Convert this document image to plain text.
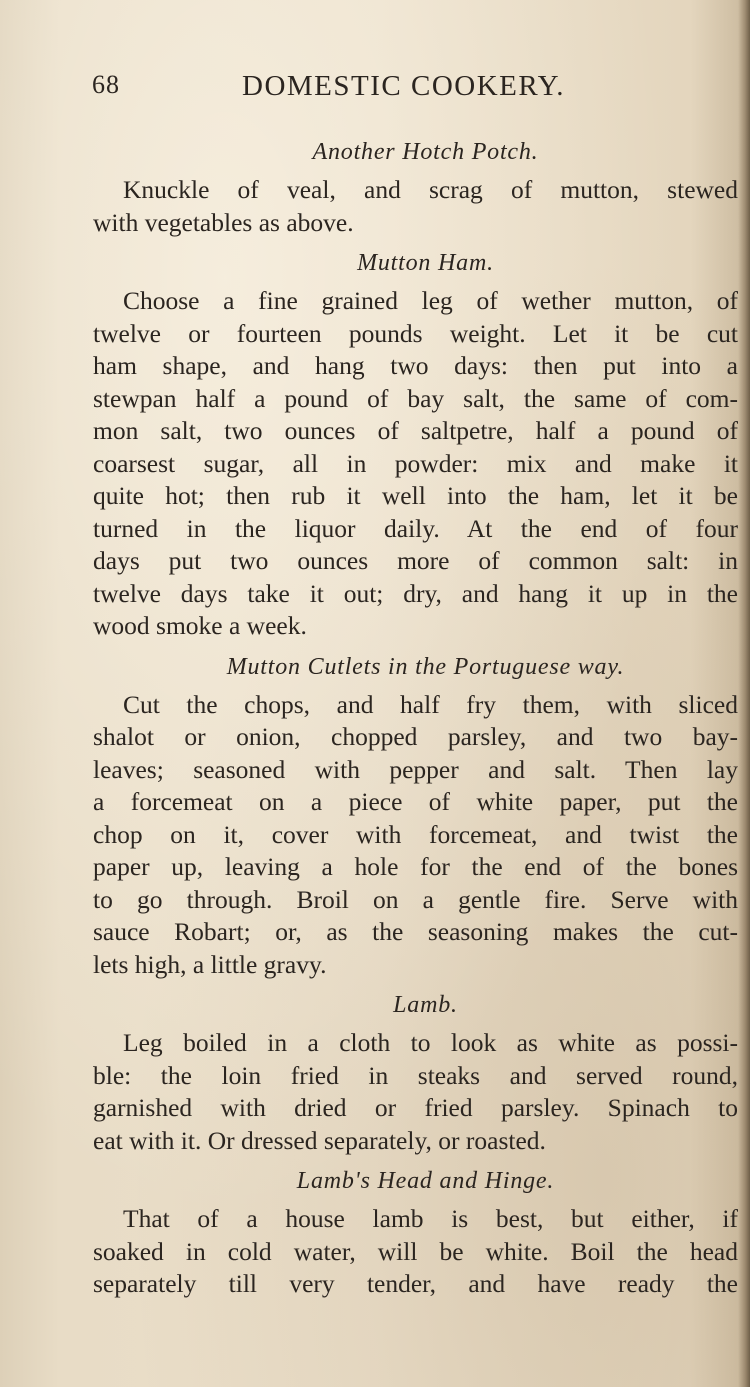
68	DOMESTIC COOKERY.
Another Hotch Potch.
Knuckle of veal, and scrag of mutton, stewed
with vegetables as above.
Mutton Ham.
Choose a fine grained leg of wether mutton, of
twelve or fourteen pounds weight. Let it be cut
ham shape, and hang two days: then put into a
stewpan half a pound of bay salt, the same of com-
mon salt, two ounces of saltpetre, half a pound of
coarsest sugar, all in powder: mix and make it
quite hot; then rub it well into the ham, let it be
turned in the liquor daily. At the end of four
days put two ounces more of common salt: in
twelve days take it out; dry, and hang it up in the
wood smoke a week.
Mutton Cutlets in the Portuguese way.
Cut the chops, and half fry them, with sliced
shalot or onion, chopped parsley, and two bay-
leaves; seasoned with pepper and salt. Then lay
a forcemeat on a piece of white paper, put the
chop on it, cover with forcemeat, and twist the
paper up, leaving a hole for the end of the bones
to go through. Broil on a gentle fire. Serve with
sauce Robart; or, as the seasoning makes the cut-
lets high, a little gravy.
Lamb.
Leg boiled in a cloth to look as white as possi-
ble: the loin fried in steaks and served round,
garnished with dried or fried parsley. Spinach to
eat with it. Or dressed separately, or roasted.
Lamb's Head and Hinge.
That of a house lamb is best, but either, if
soaked in cold water, will be white. Boil the head
separately till very tender, and have ready the
